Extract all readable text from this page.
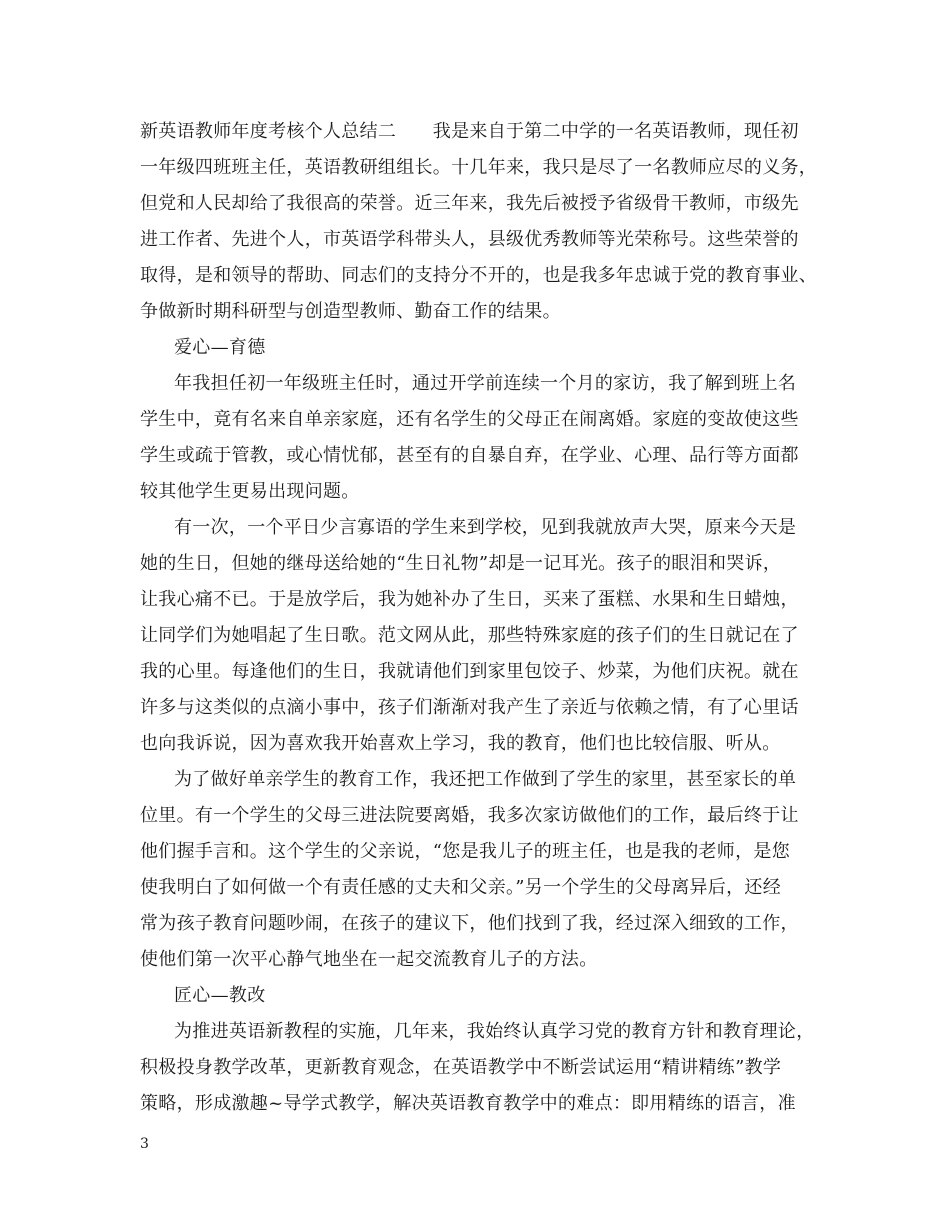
新英语教师年度考核个人总结二　　我是来自于第二中学的一名英语教师，现任初
一年级四班班主任，英语教研组组长。十几年来，我只是尽了一名教师应尽的义务，
但党和人民却给了我很高的荣誉。近三年来，我先后被授予省级骨干教师，市级先
进工作者、先进个人，市英语学科带头人，县级优秀教师等光荣称号。这些荣誉的
取得，是和领导的帮助、同志们的支持分不开的，也是我多年忠诚于党的教育事业、
争做新时期科研型与创造型教师、勤奋工作的结果。
爱心—育德
年我担任初一年级班主任时，通过开学前连续一个月的家访，我了解到班上名
学生中，竟有名来自单亲家庭，还有名学生的父母正在闹离婚。家庭的变故使这些
学生或疏于管教，或心情忧郁，甚至有的自暴自弃，在学业、心理、品行等方面都
较其他学生更易出现问题。
有一次，一个平日少言寡语的学生来到学校，见到我就放声大哭，原来今天是
她的生日，但她的继母送给她的“生日礼物”却是一记耳光。孩子的眼泪和哭诉，
让我心痛不已。于是放学后，我为她补办了生日，买来了蛋糕、水果和生日蜡烛，
让同学们为她唱起了生日歌。范文网从此，那些特殊家庭的孩子们的生日就记在了
我的心里。每逢他们的生日，我就请他们到家里包饺子、炒菜，为他们庆祝。就在
许多与这类似的点滴小事中，孩子们渐渐对我产生了亲近与依赖之情，有了心里话
也向我诉说，因为喜欢我开始喜欢上学习，我的教育，他们也比较信服、听从。
为了做好单亲学生的教育工作，我还把工作做到了学生的家里，甚至家长的单
位里。有一个学生的父母三进法院要离婚，我多次家访做他们的工作，最后终于让
他们握手言和。这个学生的父亲说，“您是我儿子的班主任，也是我的老师，是您
使我明白了如何做一个有责任感的丈夫和父亲。”另一个学生的父母离异后，还经
常为孩子教育问题吵闹，在孩子的建议下，他们找到了我，经过深入细致的工作，
使他们第一次平心静气地坐在一起交流教育儿子的方法。
匠心—教改
为推进英语新教程的实施，几年来，我始终认真学习党的教育方针和教育理论，
积极投身教学改革，更新教育观念，在英语教学中不断尝试运用“精讲精练”教学
策略，形成激趣~导学式教学，解决英语教育教学中的难点：即用精练的语言，准
3
